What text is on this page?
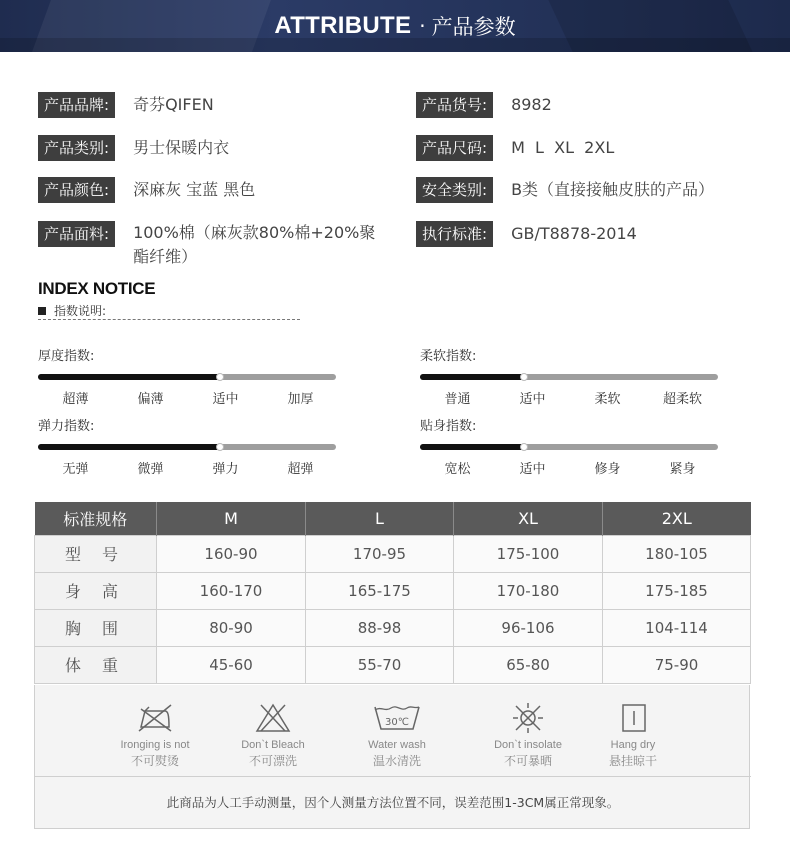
ATTRIBUTE · 产品参数
产品品牌:	奇芬QIFEN	产品货号:	8982
产品类别:	男士保暖内衣	产品尺码:	M  L  XL  2XL
产品颜色:	深麻灰 宝蓝 黑色	安全类别:	B类（直接接触皮肤的产品）
产品面料:	100%棉（麻灰款80%棉+20%聚酯纤维）
执行标准:	GB/T8878-2014
INDEX NOTICE
指数说明:
厚度指数:
超薄	偏薄	适中	加厚
柔软指数:
普通	适中	柔软	超柔软
弹力指数:
无弹	微弹	弹力	超弹
贴身指数:
宽松	适中	修身	紧身
标准规格	M	L	XL	2XL
型 号	160-90	170-95	175-100	180-105
身 高	160-170	165-175	170-180	175-185
胸 围	80-90	88-98	96-106	104-114
体 重	45-60	55-70	65-80	75-90
Ironging is not
不可熨烫
Don`t Bleach
不可漂洗
30℃
Water wash
温水清洗
Don`t insolate
不可暴晒
Hang dry
悬挂晾干
此商品为人工手动测量，因个人测量方法位置不同，误差范围1-3CM属正常现象。
